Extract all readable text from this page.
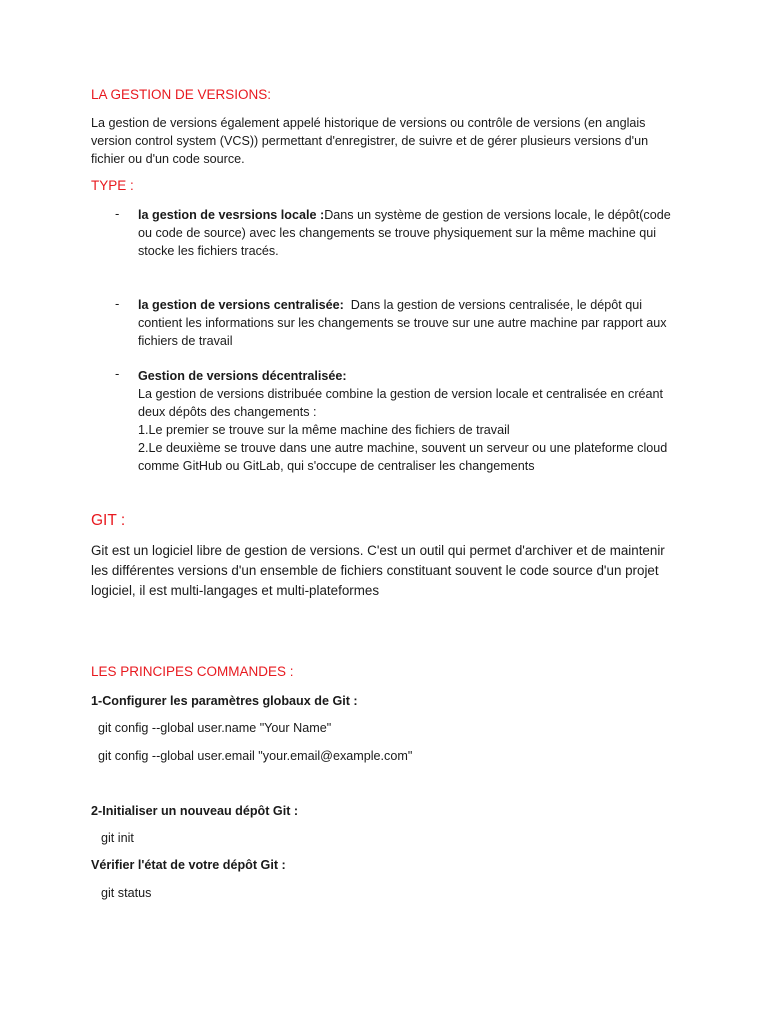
LA GESTION DE VERSIONS:
La gestion de versions également appelé historique de versions ou contrôle de versions (en anglais version control system (VCS)) permettant d'enregistrer, de suivre et de gérer plusieurs versions d'un fichier ou d'un code source.
TYPE :
- la gestion de vesrsions locale :Dans un système de gestion de versions locale, le dépôt(code ou code de source) avec les changements se trouve physiquement sur la même machine qui stocke les fichiers tracés.
- la gestion de versions centralisée:  Dans la gestion de versions centralisée, le dépôt qui contient les informations sur les changements se trouve sur une autre machine par rapport aux fichiers de travail
- Gestion de versions décentralisée:
La gestion de versions distribuée combine la gestion de version locale et centralisée en créant deux dépôts des changements :
1.Le premier se trouve sur la même machine des fichiers de travail
2.Le deuxième se trouve dans une autre machine, souvent un serveur ou une plateforme cloud comme GitHub ou GitLab, qui s'occupe de centraliser les changements
GIT :
Git est un logiciel libre de gestion de versions. C'est un outil qui permet d'archiver et de maintenir les différentes versions d'un ensemble de fichiers constituant souvent le code source d'un projet logiciel, il est multi-langages et multi-plateformes
LES PRINCIPES COMMANDES :
1-Configurer les paramètres globaux de Git :
git config --global user.name "Your Name"
git config --global user.email "your.email@example.com"
2-Initialiser un nouveau dépôt Git :
git init
Vérifier l'état de votre dépôt Git :
git status
